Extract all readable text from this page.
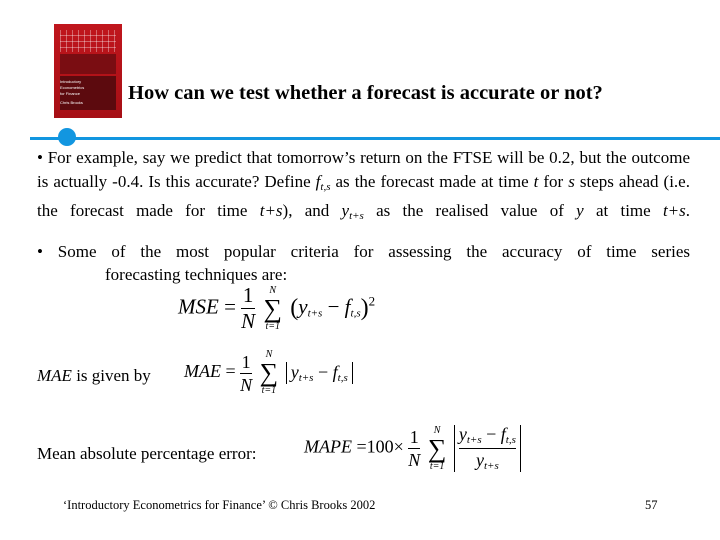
Introductory
Econometrics
for Finance
Chris Brooks How can we test whether a forecast is accurate or not?

• For example, say we predict that tomorrow’s return on the FTSE will be 0.2, but the outcome is actually -0.4. Is this accurate? Define $f_{t,s}$ as the forecast made at time t for s steps ahead (i.e. the forecast made for time t+s), and $y_{t+s}$ as the realised value of y at time t+s.

• Some of the most popular criteria for assessing the accuracy of time series
forecasting techniques are:
MSE = $\frac{1}{N}$
N
∑
t=1
$(y_{t+s} - f_{t,s})^2$
MAE is given by MAE = $\frac{1}{N}$
N
∑
t=1
$y_{t+s} - f_{t,s}$
Mean absolute percentage error:	MAPE $=100\times \frac{1}{N}$
N
∑
t=1
$\frac{y_{t+s} - f_{t,s}}{y_{t+s}}$
‘Introductory Econometrics for Finance’ © Chris Brooks 2002	57
